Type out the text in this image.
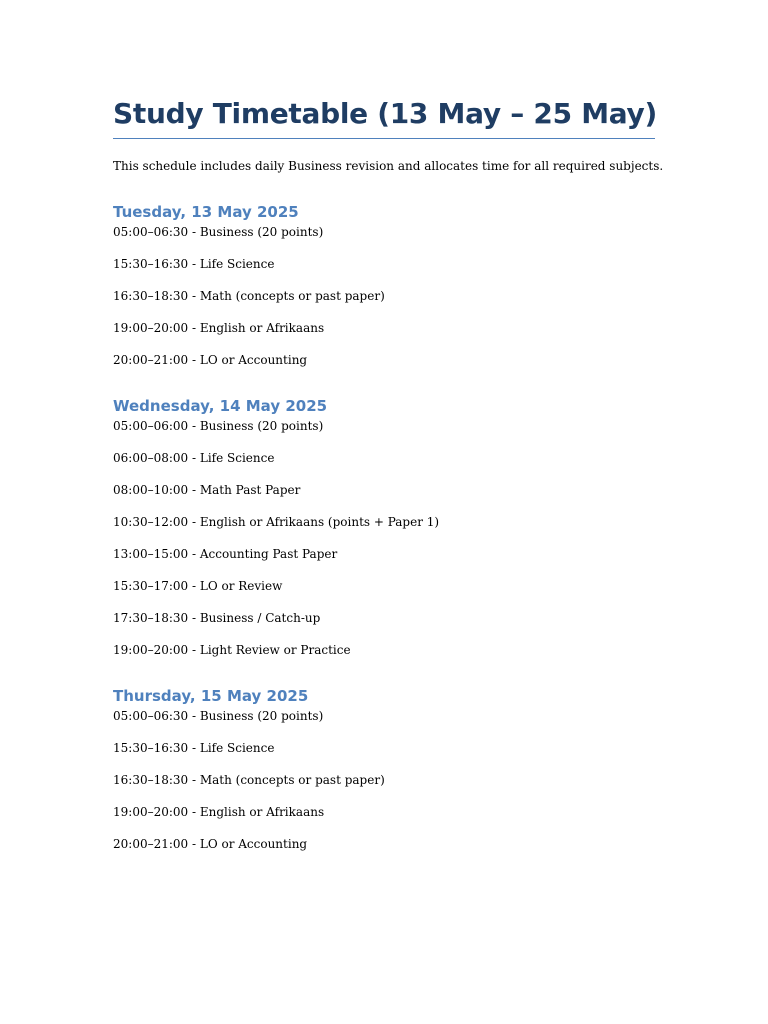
Study Timetable (13 May – 25 May)
This schedule includes daily Business revision and allocates time for all required subjects.
Tuesday, 13 May 2025
05:00–06:30 - Business (20 points)
15:30–16:30 - Life Science
16:30–18:30 - Math (concepts or past paper)
19:00–20:00 - English or Afrikaans
20:00–21:00 - LO or Accounting
Wednesday, 14 May 2025
05:00–06:00 - Business (20 points)
06:00–08:00 - Life Science
08:00–10:00 - Math Past Paper
10:30–12:00 - English or Afrikaans (points + Paper 1)
13:00–15:00 - Accounting Past Paper
15:30–17:00 - LO or Review
17:30–18:30 - Business / Catch-up
19:00–20:00 - Light Review or Practice
Thursday, 15 May 2025
05:00–06:30 - Business (20 points)
15:30–16:30 - Life Science
16:30–18:30 - Math (concepts or past paper)
19:00–20:00 - English or Afrikaans
20:00–21:00 - LO or Accounting
